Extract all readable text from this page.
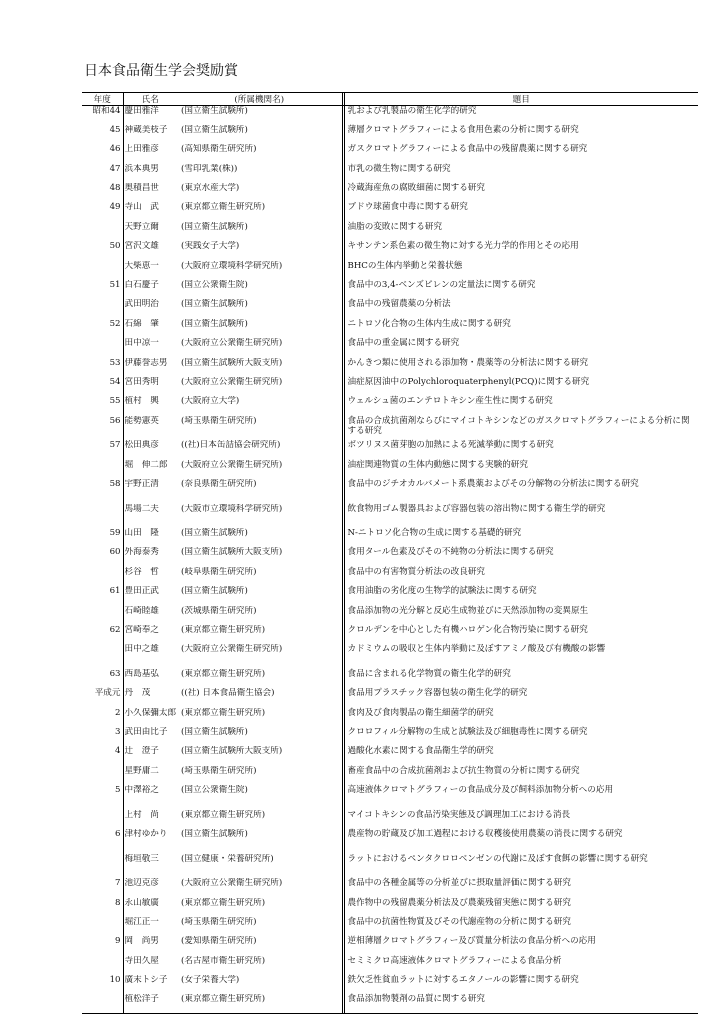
日本食品衛生学会奨励賞
年度	氏名	(所属機関名)		題目
昭和44	慶田雅洋	(国立衛生試験所)		乳および乳製品の衛生化学的研究
45	神蔵美枝子	(国立衛生試験所)		薄層クロマトグラフィーによる食用色素の分析に関する研究
46	上田雅彦	(高知県衛生研究所)		ガスクロマトグラフィーによる食品中の残留農薬に関する研究
47	浜本典男	(雪印乳業(株))		市乳の微生物に関する研究
48	奥積昌世	(東京水産大学)		冷蔵海産魚の腐敗細菌に関する研究
49	寺山　武	(東京都立衛生研究所)		ブドウ球菌食中毒に関する研究
	天野立爾	(国立衛生試験所)		油脂の変敗に関する研究
50	宮沢文雄	(実践女子大学)		キサンテン系色素の微生物に対する光力学的作用とその応用
	大柴恵一	(大阪府立環境科学研究所)		BHCの生体内挙動と栄養状態
51	白石慶子	(国立公衆衛生院)		食品中の3,4-ベンズピレンの定量法に関する研究
	武田明治	(国立衛生試験所)		食品中の残留農薬の分析法
52	石綿　肇	(国立衛生試験所)		ニトロソ化合物の生体内生成に関する研究
	田中凉一	(大阪府立公衆衛生研究所)		食品中の重金属に関する研究
53	伊藤誉志男	(国立衛生試験所大阪支所)		かんきつ類に使用される添加物・農薬等の分析法に関する研究
54	宮田秀明	(大阪府立公衆衛生研究所)		油症原因油中のPolychloroquaterphenyl(PCQ)に関する研究
55	植村　興	(大阪府立大学)		ウェルシュ菌のエンテロトキシン産生性に関する研究
56	能勢憲英	(埼玉県衛生研究所)		食品の合成抗菌剤ならびにマイコトキシンなどのガスクロマトグラフィーによる分析に関する研究
57	松田典彦	((社)日本缶詰協会研究所)		ボツリヌス菌芽胞の加熱による死滅挙動に関する研究
	堀　伸二郎	(大阪府立公衆衛生研究所)		油症関連物質の生体内動態に関する実験的研究
58	宇野正清	(奈良県衛生研究所)		食品中のジチオカルバメート系農薬およびその分解物の分析法に関する研究
	馬場二夫	(大阪市立環境科学研究所)		飲食物用ゴム製器具および容器包装の溶出物に関する衛生学的研究
59	山田　隆	(国立衛生試験所)		N-ニトロソ化合物の生成に関する基礎的研究
60	外海泰秀	(国立衛生試験所大阪支所)		食用タール色素及びその不純物の分析法に関する研究
	杉谷　哲	(岐阜県衛生研究所)		食品中の有害物質分析法の改良研究
61	豊田正武	(国立衛生試験所)		食用油脂の劣化度の生物学的試験法に関する研究
	石崎睦雄	(茨城県衛生研究所)		食品添加物の光分解と反応生成物並びに天然添加物の変異原生
62	宮崎奉之	(東京都立衛生研究所)		クロルデンを中心とした有機ハロゲン化合物汚染に関する研究
	田中之雄	(大阪府立公衆衛生研究所)		カドミウムの吸収と生体内挙動に及ぼすアミノ酸及び有機酸の影響
63	西島基弘	(東京都立衛生研究所)		食品に含まれる化学物質の衛生化学的研究
平成元	丹　茂	((社) 日本食品衛生協会)		食品用プラスチック容器包装の衛生化学的研究
2	小久保彌太郎	(東京都立衛生研究所)		食肉及び食肉製品の衛生細菌学的研究
3	武田由比子	(国立衛生試験所)		クロロフィル分解物の生成と試験法及び細胞毒性に関する研究
4	辻　澄子	(国立衛生試験所大阪支所)		過酸化水素に関する食品衛生学的研究
	星野庸二	(埼玉県衛生研究所)		畜産食品中の合成抗菌剤および抗生物質の分析に関する研究
5	中澤裕之	(国立公衆衛生院)		高速液体クロマトグラフィーの食品成分及び飼料添加物分析への応用
	上村　尚	(東京都立衛生研究所)		マイコトキシンの食品汚染実態及び調理加工における消長
6	津村ゆかり	(国立衛生試験所)		農産物の貯蔵及び加工過程における収穫後使用農薬の消長に関する研究
	梅垣敬三	(国立健康・栄養研究所)		ラットにおけるペンタクロロベンゼンの代謝に及ぼす食餌の影響に関する研究
7	池辺克彦	(大阪府立公衆衛生研究所)		食品中の各種金属等の分析並びに摂取量評価に関する研究
8	永山敏廣	(東京都立衛生研究所)		農作物中の残留農薬分析法及び農薬残留実態に関する研究
	堀江正一	(埼玉県衛生研究所)		食品中の抗菌性物質及びその代謝産物の分析に関する研究
9	岡　尚男	(愛知県衛生研究所)		逆相薄層クロマトグラフィー及び質量分析法の食品分析への応用
	寺田久屋	(名古屋市衛生研究所)		セミミクロ高速液体クロマトグラフィーによる食品分析
10	廣末トシ子	(女子栄養大学)		鉄欠乏性貧血ラットに対するエタノールの影響に関する研究
	植松洋子	(東京都立衛生研究所)		食品添加物製剤の品質に関する研究
